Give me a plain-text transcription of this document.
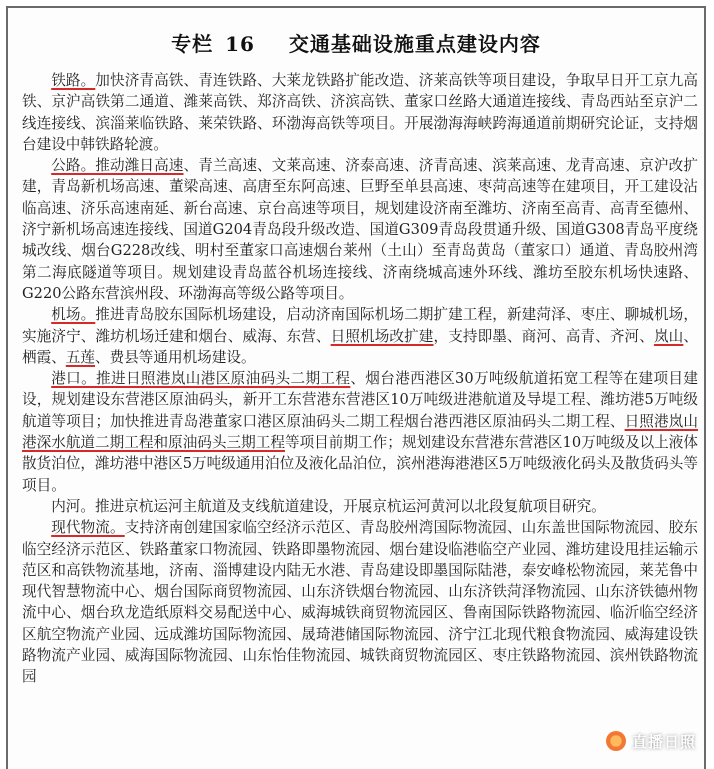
专栏 16 交通基础设施重点建设内容

铁路。加快济青高铁、青连铁路、大莱龙铁路扩能改造、济莱高铁等项目建设，争取早日开工京九高铁、京沪高铁第二通道、潍莱高铁、郑济高铁、济滨高铁、董家口丝路大通道连接线、青岛西站至京沪二线连接线、滨淄莱临铁路、莱荣铁路、环渤海高铁等项目。开展渤海海峡跨海通道前期研究论证，支持烟台建设中韩铁路轮渡。

公路。推动潍日高速、青兰高速、文莱高速、济泰高速、济青高速、滨莱高速、龙青高速、京沪改扩建，青岛新机场高速、董梁高速、高唐至东阿高速、巨野至单县高速、枣菏高速等在建项目，开工建设沾临高速、济乐高速南延、新台高速、京台高速等项目，规划建设济南至潍坊、济南至高青、高青至德州、济宁新机场高速连接线、国道G204青岛段升级改造、国道G309青岛段贯通升级、国道G308青岛平度绕城改线、烟台G228改线、明村至董家口高速烟台莱州（土山）至青岛黄岛（董家口）通道、青岛胶州湾第二海底隧道等项目。规划建设青岛蓝谷机场连接线、济南绕城高速外环线、潍坊至胶东机场快速路、G220公路东营滨州段、环渤海高等级公路等项目。

机场。推进青岛胶东国际机场建设，启动济南国际机场二期扩建工程，新建菏泽、枣庄、聊城机场，实施济宁、潍坊机场迁建和烟台、威海、东营、日照机场改扩建，支持即墨、商河、高青、齐河、岚山、栖霞、五莲、费县等通用机场建设。

港口。推进日照港岚山港区原油码头二期工程、烟台港西港区30万吨级航道拓宽工程等在建项目建设，规划建设东营港区原油码头，新开工东营港东营港区10万吨级进港航道及导堤工程、潍坊港5万吨级航道等项目；加快推进青岛港董家口港区原油码头二期工程烟台港西港区原油码头二期工程、日照港岚山港深水航道二期工程和原油码头三期工程等项目前期工作；规划建设东营港东营港区10万吨级及以上液体散货泊位，潍坊港中港区5万吨级通用泊位及液化品泊位，滨州港海港港区5万吨级液化码头及散货码头等项目。

内河。推进京杭运河主航道及支线航道建设，开展京杭运河黄河以北段复航项目研究。

现代物流。支持济南创建国家临空经济示范区、青岛胶州湾国际物流园、山东盖世国际物流园、胶东临空经济示范区、铁路董家口物流园、铁路即墨物流园、烟台建设临港临空产业园、潍坊建设甩挂运输示范区和高铁物流基地，济南、淄博建设内陆无水港、青岛建设即墨国际陆港，泰安峰松物流园，莱芜鲁中现代智慧物流中心、烟台国际商贸物流园、山东济铁烟台物流园、山东济铁菏泽物流园、山东济铁德州物流中心、烟台玖龙造纸原料交易配送中心、威海城铁商贸物流园区、鲁南国际铁路物流园、临沂临空经济区航空物流产业园、远成潍坊国际物流园、晟琦港储国际物流园、济宁江北现代粮食物流园、威海建设铁路物流产业园、威海国际物流园、山东怡佳物流园、城铁商贸物流园区、枣庄铁路物流园、滨州铁路物流园

直播日照
